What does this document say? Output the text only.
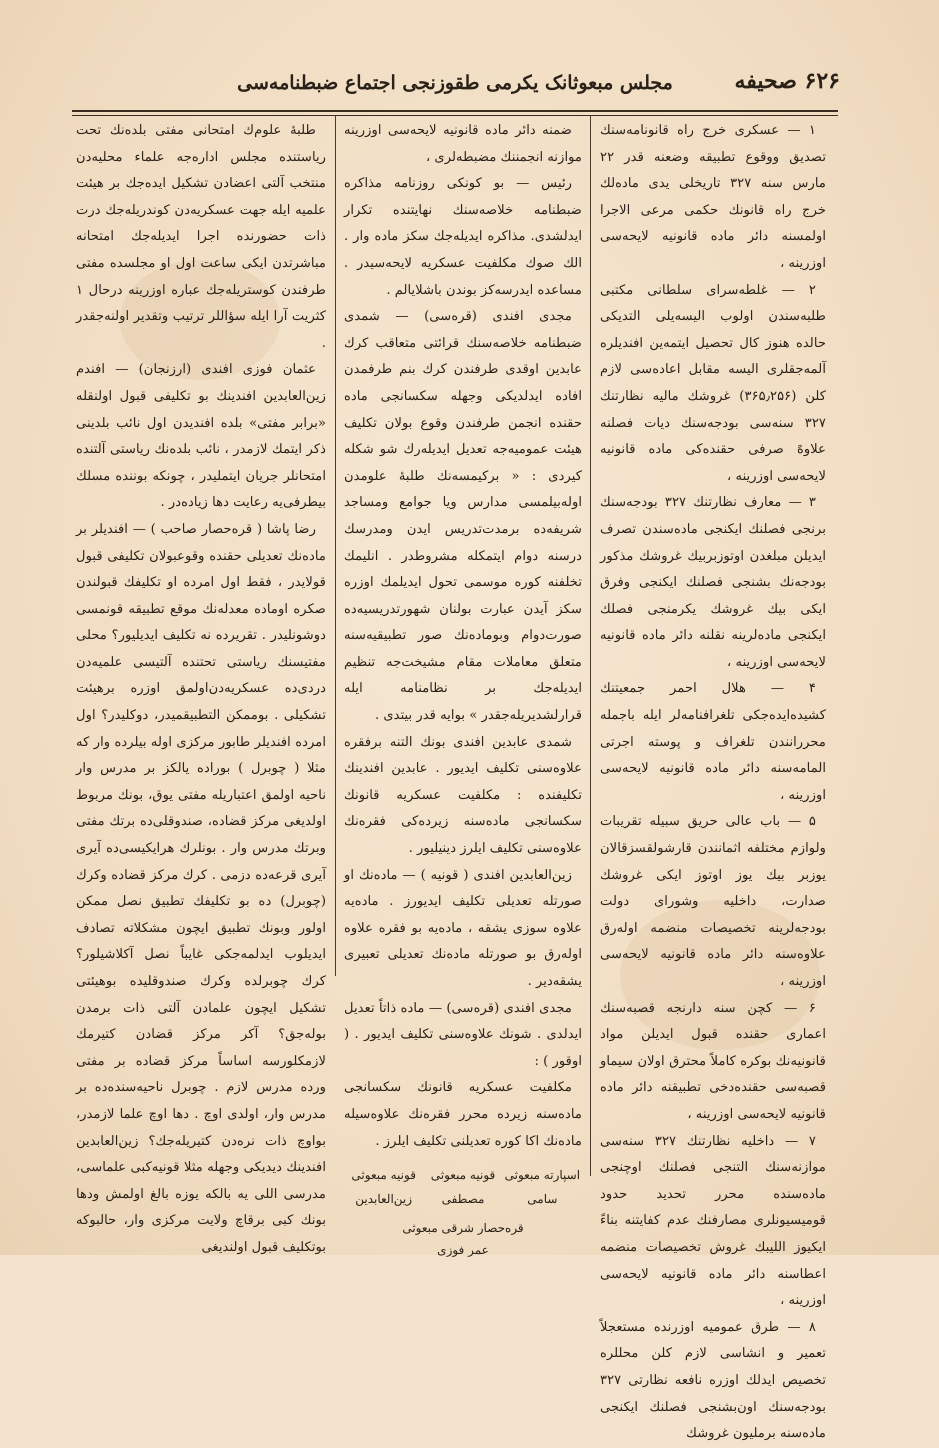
۶۲۶ صحیفه
مجلس مبعوثانک یکرمی طقوزنجی اجتماع ضبطنامه‌سی

۱ — عسکری خرج راه قانونامه‌سنك تصدیق ووقوع تطبیقه وضعنه قدر ۲۲ مارس سنه ۳۲۷ تاریخلی یدی ماده‌لك خرج راه قانونك حکمی مرعی الاجرا اولمسنه دائر ماده قانونیه لایحه‌سی اوزرینه ،

۲ — غلطه‌سرای سلطانی مکتبی طلبه‌سندن اولوب الیسه‌یلی التدیکی حالده هنوز کال تحصیل ایتمه‌ین افندیلره آلمه‌جقلری الیسه مقابل اعاده‌سی لازم کلن (۳۶۵٫۲۵۶) غروشك مالیه نظارتنك ۳۲۷ سنه‌سی بودجه‌سنك دیات فصلنه علاوهً صرفی حقنده‌کی ماده قانونیه لایحه‌سی اوزرینه ،

۳ — معارف نظارتنك ۳۲۷ بودجه‌سنك برنجی فصلنك ایکنجی ماده‌سندن تصرف ایدیلن مبلغدن اوتوزبربیك غروشك مذکور بودجه‌نك بشنجی فصلنك ایکنجی وفرق ایکی بیك غروشك یکرمنجی فصلك ایکنجی ماده‌لرینه نقلنه دائر ماده قانونیه لایحه‌سی اوزرینه ،

۴ — هلال احمر جمعیتنك کشیده‌ایده‌جکی تلغرافنامه‌لر ایله باجمله محررانندن تلغراف و پوسته اجرتی المامه‌سنه دائر ماده قانونیه لایحه‌سی اوزرینه ،

۵ — باب عالی حریق سبیله تقریبات ولوازم مختلفه اثمانندن قارشولقسزقالان یوزبر بیك یوز اوتوز ایکی غروشك صدارت، داخلیه وشورای دولت بودجه‌لرینه تخصیصات منضمه اوله‌رق علاوه‌سنه دائر ماده قانونیه لایحه‌سی اوزرینه ،

۶ — کچن سنه دارنجه قصبه‌سنك اعماری حقنده قبول ایدیلن مواد قانونیه‌نك بوکره کاملاً محترق اولان سیماو قصبه‌سی حقنده‌دخی تطبیقنه دائر ماده قانونیه لایحه‌سی اوزرینه ،

۷ — داخلیه نظارتنك ۳۲۷ سنه‌سی موازنه‌سنك التنجی فصلنك اوچنجی ماده‌سنده محرر تحدید حدود قومیسیونلری مصارفنك عدم کفایتنه بناءً ایکیوز اللیبك غروش تخصیصات منضمه اعطاسنه دائر ماده قانونیه لایحه‌سی اوزرینه ،

۸ — طرق عمومیه اوزرنده مستعجلاً تعمیر و انشاسی لازم کلن محللره تخصیص ایدلك اوزره نافعه نظارتی ۳۲۷ بودجه‌سنك اون‌بشنجی فصلنك ایکنجی ماده‌سنه برملیون غروشك

ضمنه دائر ماده قانونیه لایحه‌سی اوزرینه موازنه انجمننك مضبطه‌لری ،

رئیس — بو کونکی روزنامه مذاکره ضبطنامه خلاصه‌سنك نهایتنده تکرار ایدلشدی. مذاکره ایدیله‌جك سکز ماده وار . الك صوك مکلفیت عسکریه لایحه‌سیدر . مساعده ایدرسه‌کز بوندن باشلایالم .

مجدی افندی (قره‌سی) — شمدی ضبطنامه خلاصه‌سنك قرائتی متعاقب کرك عابدین اوقدی طرفندن کرك بنم طرفمدن افاده ایدلدیکی وجهله سکسانجی ماده حقنده انجمن طرفندن وقوع بولان تکلیف هیئت عمومیه‌جه تعدیل ایدیله‌رك شو شکله کیردی : « برکیمسه‌نك طلبهٔ علومدن اوله‌بیلمسی مدارس ویا جوامع ومساجد شریفه‌ده برمدت‌تدریس ایدن ومدرسك درسنه دوام ایتمکله مشروطدر . انلیمك تخلفنه کوره موسمی تحول ایدیلمك اوزره سکز آیدن عبارت بولنان شهورتدریسیه‌ده صورت‌دوام وبوماده‌نك صور تطبیقیه‌سنه متعلق معاملات مقام مشیخت‌جه تنظیم ایدیله‌جك بر نظامنامه ایله قرارلشدیریله‌جقدر » بوایه قدر بیتدی .

شمدی عابدین افندی بونك التنه برفقره علاوه‌سنی تکلیف ایدیور . عابدین افندینك تکلیفنده : مکلفیت عسکریه قانونك سکسانجی ماده‌سنه زیرده‌کی فقره‌نك علاوه‌سنی تکلیف ایلرز دینیلیور .

زین‌العابدین افندی ( قونیه ) — ماده‌نك او صورتله تعدیلی تکلیف ایدیورز . ماده‌یه علاوه سوزی یشقه ، ماده‌یه بو فقره علاوه اوله‌رق بو صورتله ماده‌نك تعدیلی تعبیری یشقه‌دیر .

مجدی افندی (قره‌سی) — ماده ذاتاً تعدیل ایدلدی . شونك علاوه‌سنی تکلیف ایدیور . ( اوقور ) :

مکلفیت عسکریه قانونك سکسانجی ماده‌سنه زیرده محرر فقره‌نك علاوه‌سیله ماده‌نك اکا کوره تعدیلنی تکلیف ایلرز .

اسپارته مبعوثی
قونیه مبعوثی
قونیه مبعوثی
سامی
مصطفی
زین‌العابدین
قره‌حصار شرقی مبعوثی
عمر فوزی

طلبهٔ علوم‌ك امتحانی مفتی بلده‌نك تحت ریاستنده مجلس اداره‌جه علماء محلیه‌دن منتخب آلتی اعضادن تشکیل ایده‌جك بر هیئت علمیه ایله جهت عسکریه‌دن کوندریله‌جك درت ذات حضورنده اجرا ایدیله‌جك امتحانه مباشرتدن ایکی ساعت اول او مجلسده مفتی طرفندن کوستریله‌جك عباره اوزرینه درحال ۱ کثریت آرا ایله سؤاللر ترتیب وتقدیر اولنه‌جقدر .

عثمان فوزی افندی (ارزنجان) — افندم زین‌العابدین افندینك بو تکلیفی قبول اولنقله «برابر مفتی» بلده افندیدن اول نائب‌ بلدینی ذکر ایتمك لازمدر ، نائب بلده‌نك ریاستی آلتنده امتحانلر جریان ایتملیدر ، چونکه بوننده مسلك بیطرفی‌یه رعایت دها زیاده‌در .

رضا پاشا ( قره‌حصار صاحب ) — افندیلر بر ماده‌نك تعدیلی حقنده وقوعبولان تکلیفی قبول قولایدر ، فقط اول امرده او تکلیفك قبولندن صکره اوماده معدله‌نك موقع تطبیقه قونمسی دوشونلیدر . تقریرده نه تکلیف ایدیلیور؟ محلی مفتیسنك ریاستی تحتنده آلتیسی علمیه‌دن دردی‌ده عسکریه‌دن‌اولمق اوزره برهیئت تشکیلی . بوممکن التطبیقمیدر، دوکلیدر؟ اول امرده افندیلر طابور مرکزی اوله‌ بیلرده وار که مثلا ( چوبرل ) بوراده یالکز بر مدرس وار ناحیه اولمق اعتباریله مفتی یوق، بونك مربوط اولدیغی مرکز قضاده، صندوقلی‌ده برتك مفتی وبرتك مدرس وار . بونلرك هرایکیسی‌ده آیری آیری قرعه‌ده دزمی . کرك مرکز قضاده وکرك (چوبرل) ده بو تکلیفك تطبیق نصل ممکن اولور وبونك تطبیق ایچون مشکلاته تصادف ایدیلوب ایدلمه‌جکی غایباً نصل آکلاشیلور؟ کرك چوبرلده وکرك صندوقلیده بوهیئتی تشکیل ایچون علمادن آلتی ذات برمدن بوله‌جق؟ آکر مرکز قضادن کتیرمك لازمکلورسه اساساً مرکز قضاده بر مفتی ورده مدرس لازم . چوبرل ناحیه‌سنده‌ده بر مدرس وار، اولدی اوچ . دها اوچ علما لازمدر، بواوچ ذات‌ نره‌دن کتیریله‌جك؟ زین‌العابدین افندینك دیدیکی وجهله مثلا قونیه‌کبی علماسی، مدرسی اللی‌ یه بالکه یوزه بالغ اولمش ودها بونك کبی برقاچ ولایت مرکزی وار، حالبوکه بوتکلیف قبول اولندیغی
